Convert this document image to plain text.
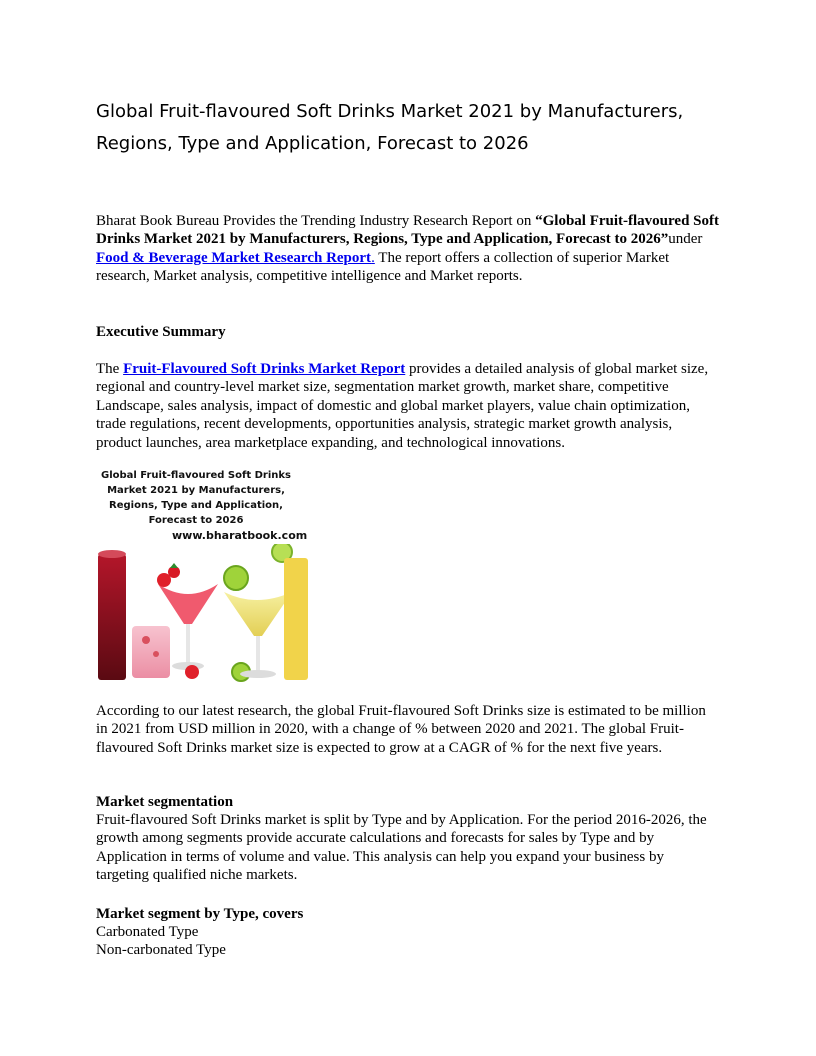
Global Fruit-flavoured Soft Drinks Market 2021 by Manufacturers, Regions, Type and Application, Forecast to 2026

Bharat Book Bureau Provides the Trending Industry Research Report on “Global Fruit-flavoured Soft Drinks Market 2021 by Manufacturers, Regions, Type and Application, Forecast to 2026”under Food & Beverage Market Research Report. The report offers a collection of superior Market research, Market analysis, competitive intelligence and Market reports.

Executive Summary

The Fruit-Flavoured Soft Drinks Market Report provides a detailed analysis of global market size, regional and country-level market size, segmentation market growth, market share, competitive Landscape, sales analysis, impact of domestic and global market players, value chain optimization, trade regulations, recent developments, opportunities analysis, strategic market growth analysis, product launches, area marketplace expanding, and technological innovations.

Global Fruit-flavoured Soft Drinks Market 2021 by Manufacturers, Regions, Type and Application, Forecast to 2026
www.bharatbook.com

According to our latest research, the global Fruit-flavoured Soft Drinks size is estimated to be million in 2021 from USD million in 2020, with a change of % between 2020 and 2021. The global Fruit-flavoured Soft Drinks market size is expected to grow at a CAGR of % for the next five years.

Market segmentation

Fruit-flavoured Soft Drinks market is split by Type and by Application. For the period 2016-2026, the growth among segments provide accurate calculations and forecasts for sales by Type and by Application in terms of volume and value. This analysis can help you expand your business by targeting qualified niche markets.

Market segment by Type, covers

Carbonated Type
Non-carbonated Type
